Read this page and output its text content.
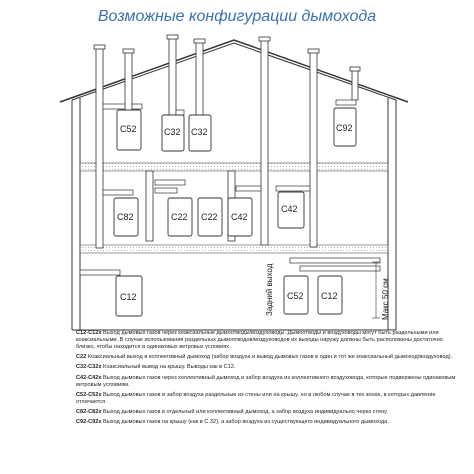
Возможные конфигурации дымохода
C52	C32 C32	C92
C82	C22 C22 C42
C42
C12	C52 C12
Задний выход	Макс 50 см

C12-C12x Выход дымовых газов через коаксиальные дымоотводы/воздуховоды. Дымоотводы и воздуховоды могут быть раздельными или коаксиальными. В случае использования раздельных дымоотводов/воздуховодов их выходы наружу должны быть расположены достаточно близко, чтобы находится в одинаковых ветровых условиях.

C22 Коаксиальный выход в коллективный дымоход (забор воздуха и вывод дымовых газов в один и тот же коаксиальный дымоход/воздуховод).

C32-C32x Коаксиальный вывод на крышу. Выводы как в C12.

C42-C42x Выход дымовых газов через коллективный дымоход и забор воздуха из коллективного воздуховода, которые подвержены одинаковым ветровым условиям.

C52-C52x Выход дымовых газов и забор воздуха раздельные из стены или на крышу, но в любом случае в тех зонах, в которых давление отличается.

C82-C82x Выход дымовых газов в отдельный или коллективный дымоход, а забор воздуха индивидуально через стену.

C92-C92x Выход дымовых газов на крышу (как в C 32), а забор воздуха из существующего индивидуального дымохода.
